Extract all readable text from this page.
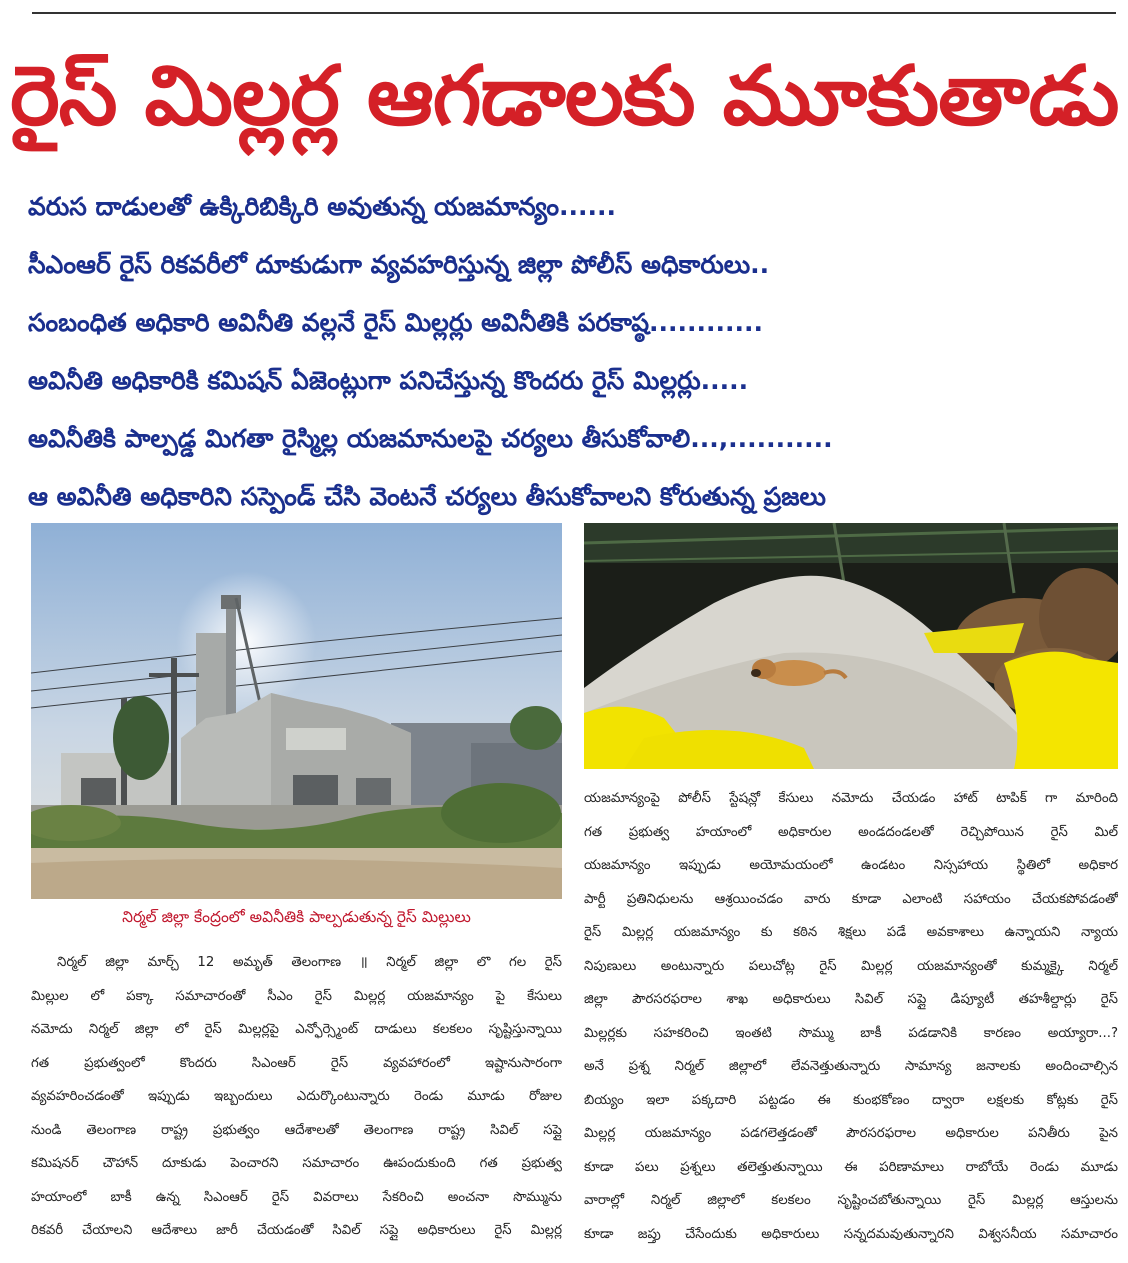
రైస్ మిల్లర్ల ఆగడాలకు మూకుతాడు
వరుస దాడులతో ఉక్కిరిబిక్కిరి అవుతున్న యజమాన్యం......
సీఎంఆర్ రైస్ రికవరీలో దూకుడుగా వ్యవహరిస్తున్న జిల్లా పోలీస్ అధికారులు..
సంబంధిత అధికారి అవినీతి వల్లనే రైస్ మిల్లర్లు అవినీతికి పరకాష్ఠ............
అవినీతి అధికారికి కమిషన్ ఏజెంట్లుగా పనిచేస్తున్న కొందరు రైస్ మిల్లర్లు.....
అవినీతికి పాల్పడ్డ మిగతా రైస్మిల్ల యజమానులపై చర్యలు తీసుకోవాలి...,...........
ఆ అవినీతి అధికారిని సస్పెండ్ చేసి వెంటనే చర్యలు తీసుకోవాలని కోరుతున్న ప్రజలు
నిర్మల్ జిల్లా కేంద్రంలో అవినీతికి పాల్పడుతున్న రైస్ మిల్లులు
నిర్మల్ జిల్లా మార్చ్ 12 అమృత్ తెలంగాణ ॥ నిర్మల్ జిల్లా లొ గల రైస్
మిల్లుల లో పక్కా సమాచారంతో సీఎం రైస్ మిల్లర్ల యజమాన్యం పై కేసులు
నమోదు నిర్మల్ జిల్లా లో రైస్ మిల్లర్లపై ఎన్ఫోర్స్మెంట్ దాడులు కలకలం సృష్టిస్తున్నాయి
గత ప్రభుత్వంలో కొందరు సిఎంఆర్ రైస్ వ్యవహారంలో ఇష్టానుసారంగా
వ్యవహరించడంతో ఇప్పుడు ఇబ్బందులు ఎదుర్కొంటున్నారు రెండు మూడు రోజుల
నుండి తెలంగాణ రాష్ట్ర ప్రభుత్వం ఆదేశాలతో తెలంగాణ రాష్ట్ర సివిల్ సప్లై
కమిషనర్ చౌహాన్ దూకుడు పెంచారని సమాచారం ఊపందుకుంది గత ప్రభుత్వ
హయాంలో బాకీ ఉన్న సిఎంఆర్ రైస్ వివరాలు సేకరించి అంచనా సొమ్మును
రికవరీ చేయాలని ఆదేశాలు జారీ చేయడంతో సివిల్ సప్లై అధికారులు రైస్ మిల్లర్ల
యజమాన్యంపై పోలీస్ స్టేషన్లో కేసులు నమోదు చేయడం హాట్ టాపిక్ గా మారింది
గత ప్రభుత్వ హయాంలో అధికారుల అండదండలతో రెచ్చిపోయిన రైస్ మిల్
యజమాన్యం ఇప్పుడు అయోమయంలో ఉండటం నిస్సహాయ స్థితిలో అధికార
పార్టీ ప్రతినిధులను ఆశ్రయించడం వారు కూడా ఎలాంటి సహాయం చేయకపోవడంతో
రైస్ మిల్లర్ల యజమాన్యం కు కఠిన శిక్షలు పడే అవకాశాలు ఉన్నాయని న్యాయ
నిపుణులు అంటున్నారు పలుచోట్ల రైస్ మిల్లర్ల యజమాన్యంతో కుమ్మక్కై నిర్మల్
జిల్లా పౌరసరఫరాల శాఖ అధికారులు సివిల్ సప్లై డిప్యూటీ తహశీల్దార్లు రైస్
మిల్లర్లకు సహకరించి ఇంతటి సొమ్ము బాకీ పడడానికి కారణం అయ్యారా...?
అనే ప్రశ్న నిర్మల్ జిల్లాలో లేవనెత్తుతున్నారు సామాన్య జనాలకు అందించాల్సిన
బియ్యం ఇలా పక్కదారి పట్టడం ఈ కుంభకోణం ద్వారా లక్షలకు కోట్లకు రైస్
మిల్లర్ల యజమాన్యం పడగలెత్తడంతో పౌరసరఫరాల అధికారుల పనితీరు పైన
కూడా పలు ప్రశ్నలు తలెత్తుతున్నాయి ఈ పరిణామాలు రాబోయే రెండు మూడు
వారాల్లో నిర్మల్ జిల్లాలో కలకలం సృష్టించబోతున్నాయి రైస్ మిల్లర్ల ఆస్తులను
కూడా జప్తు చేసేందుకు అధికారులు సన్నదమవుతున్నారని విశ్వసనీయ సమాచారం
